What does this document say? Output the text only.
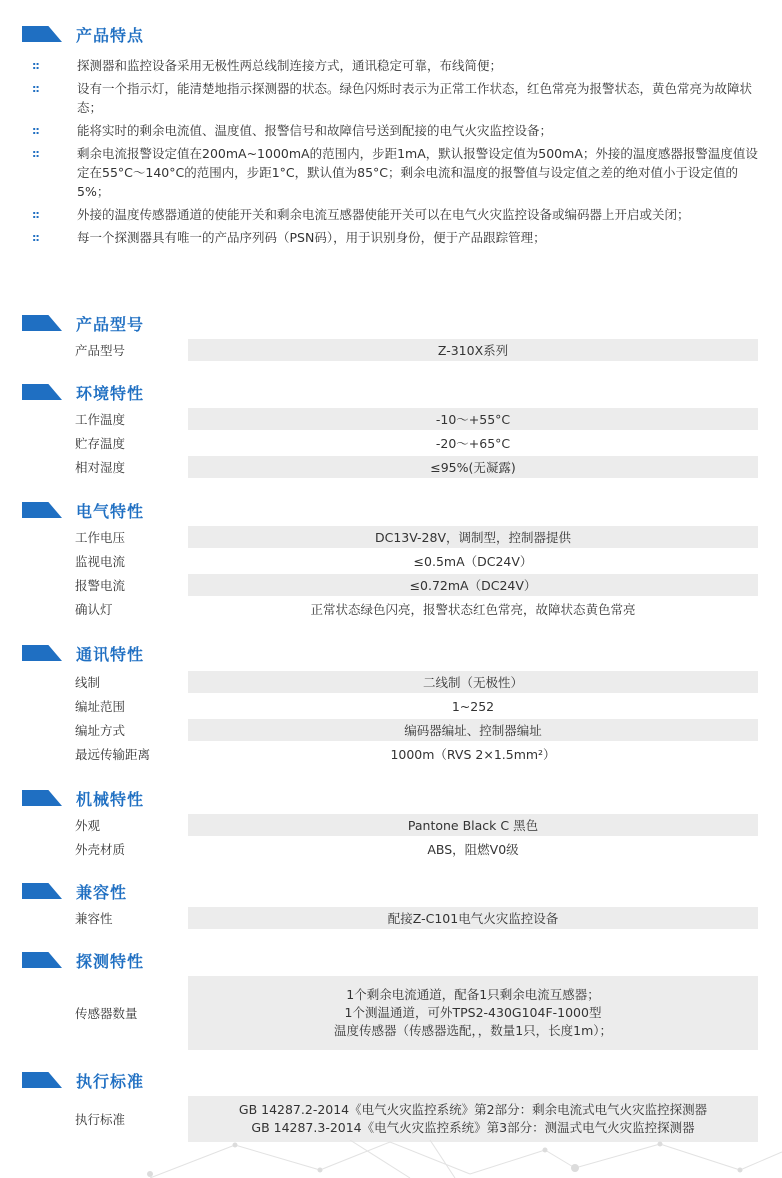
产品特点
::	探测器和监控设备采用无极性两总线制连接方式，通讯稳定可靠，布线简便；
::	设有一个指示灯，能清楚地指示探测器的状态。绿色闪烁时表示为正常工作状态，红色常亮为报警状态，黄色常亮为故障状态；
::	能将实时的剩余电流值、温度值、报警信号和故障信号送到配接的电气火灾监控设备；
::	剩余电流报警设定值在200mA~1000mA的范围内，步距1mA，默认报警设定值为500mA；外接的温度感器报警温度值设定在55°C～140°C的范围内，步距1°C，默认值为85°C；剩余电流和温度的报警值与设定值之差的绝对值小于设定值的5%；
::	外接的温度传感器通道的使能开关和剩余电流互感器使能开关可以在电气火灾监控设备或编码器上开启或关闭；
::	每一个探测器具有唯一的产品序列码（PSN码），用于识别身份，便于产品跟踪管理；
产品型号
产品型号	Z-310X系列
环境特性
工作温度	-10～+55°C
贮存温度	-20～+65°C
相对湿度	≤95%(无凝露)
电气特性
工作电压	DC13V-28V，调制型，控制器提供
监视电流	≤0.5mA（DC24V）
报警电流	≤0.72mA（DC24V）
确认灯	正常状态绿色闪亮，报警状态红色常亮，故障状态黄色常亮
通讯特性
线制	二线制（无极性）
编址范围	1~252
编址方式	编码器编址、控制器编址
最远传输距离	1000m（RVS 2×1.5mm²）
机械特性
外观	Pantone Black C 黑色
外壳材质	ABS，阻燃V0级
兼容性
兼容性	配接Z-C101电气火灾监控设备
探测特性
传感器数量
1个剩余电流通道，配备1只剩余电流互感器；
1个测温通道，可外TPS2-430G104F-1000型
温度传感器（传感器选配，，数量1只，长度1m）；
执行标准
执行标准
GB 14287.2-2014《电气火灾监控系统》第2部分：剩余电流式电气火灾监控探测器
GB 14287.3-2014《电气火灾监控系统》第3部分：测温式电气火灾监控探测器
